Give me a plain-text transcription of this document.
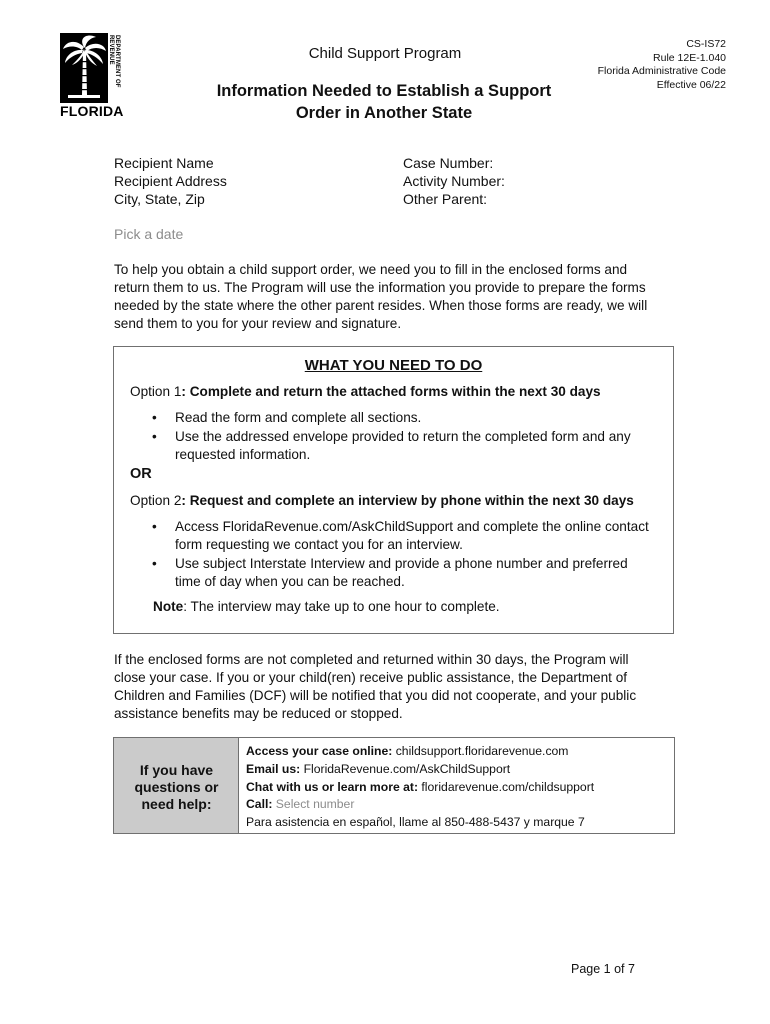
DEPARTMENT OF REVENUE
FLORIDA
Child Support Program
Information Needed to Establish a Support
Order in Another State
CS-IS72
Rule 12E-1.040
Florida Administrative Code
Effective 06/22
Recipient Name
Recipient Address
City, State, Zip
Case Number:
Activity Number:
Other Parent:
Pick a date
To help you obtain a child support order, we need you to fill in the enclosed forms and return them to us. The Program will use the information you provide to prepare the forms needed by the state where the other parent resides. When those forms are ready, we will send them to you for your review and signature.
WHAT YOU NEED TO DO
Option 1: Complete and return the attached forms within the next 30 days
• Read the form and complete all sections.
• Use the addressed envelope provided to return the completed form and any requested information.
OR
Option 2: Request and complete an interview by phone within the next 30 days
• Access FloridaRevenue.com/AskChildSupport and complete the online contact form requesting we contact you for an interview.
• Use subject Interstate Interview and provide a phone number and preferred time of day when you can be reached.
Note: The interview may take up to one hour to complete.
If the enclosed forms are not completed and returned within 30 days, the Program will close your case. If you or your child(ren) receive public assistance, the Department of Children and Families (DCF) will be notified that you did not cooperate, and your public assistance benefits may be reduced or stopped.
If you have
questions or
need help:
Access your case online: childsupport.floridarevenue.com
Email us: FloridaRevenue.com/AskChildSupport
Chat with us or learn more at: floridarevenue.com/childsupport
Call: Select number
Para asistencia en español, llame al 850-488-5437 y marque 7
Page 1 of 7
